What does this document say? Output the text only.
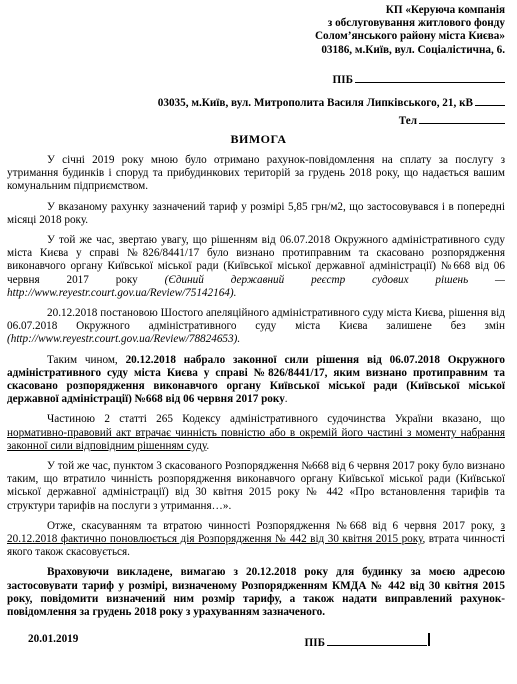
КП «Керуюча компанія
з обслуговування житлового фонду
Солом’янського району міста Києва»
03186, м.Київ, вул. Соціалістична, 6.
ПІБ
03035, м.Київ, вул. Митрополита Василя Липківського, 21, кВ
Тел
ВИМОГА

У січні 2019 року мною було отримано рахунок-повідомлення на сплату за послугу з утримання будинків і споруд та прибудинкових територій за грудень 2018 року, що надається вашим комунальним підприємством.

У вказаному рахунку зазначений тариф у розмірі 5,85 грн/м2, що застосовувався і в попередні місяці 2018 року.

У той же час, звертаю увагу, що рішенням від 06.07.2018 Окружного адміністративного суду міста Києва у справі №826/8441/17 було визнано протиправним та скасовано розпорядження виконавчого органу Київської міської ради (Київської міської державної адміністрації) №668 від 06 червня 2017 року (Єдиний державний реєстр судових рішень — http://www.reyestr.court.gov.ua/Review/75142164).

20.12.2018 постановою Шостого апеляційного адміністративного суду міста Києва, рішення від 06.07.2018 Окружного адміністративного суду міста Києва залишене без змін (http://www.reyestr.court.gov.ua/Review/78824653).

Таким чином, 20.12.2018 набрало законної сили рішення від 06.07.2018 Окружного адміністративного суду міста Києва у справі №826/8441/17, яким визнано протиправним та скасовано розпорядження виконавчого органу Київської міської ради (Київської міської державної адміністрації) №668 від 06 червня 2017 року.

Частиною 2 статті 265 Кодексу адміністративного судочинства України вказано, що нормативно-правовий акт втрачає чинність повністю або в окремій його частині з моменту набрання законної сили відповідним рішенням суду.

У той же час, пунктом 3 скасованого Розпорядження №668 від 6 червня 2017 року було визнано таким, що втратило чинність розпорядження виконавчого органу Київської міської ради (Київської міської державної адміністрації) від 30 квітня 2015 року № 442 «Про встановлення тарифів та структури тарифів на послуги з утримання…».

Отже, скасуванням та втратою чинності Розпорядження №668 від 6 червня 2017 року, з 20.12.2018 фактично поновлюється дія Розпорядження № 442 від 30 квітня 2015 року, втрата чинності якого також скасовується.

Враховуючи викладене, вимагаю з 20.12.2018 року для будинку за моєю адресою застосовувати тариф у розмірі, визначеному Розпорядженням КМДА № 442 від 30 квітня 2015 року, повідомити визначений ним розмір тарифу, а також надати виправлений рахунок-повідомлення за грудень 2018 року з урахуванням зазначеного.

20.01.2019	ПІБ
